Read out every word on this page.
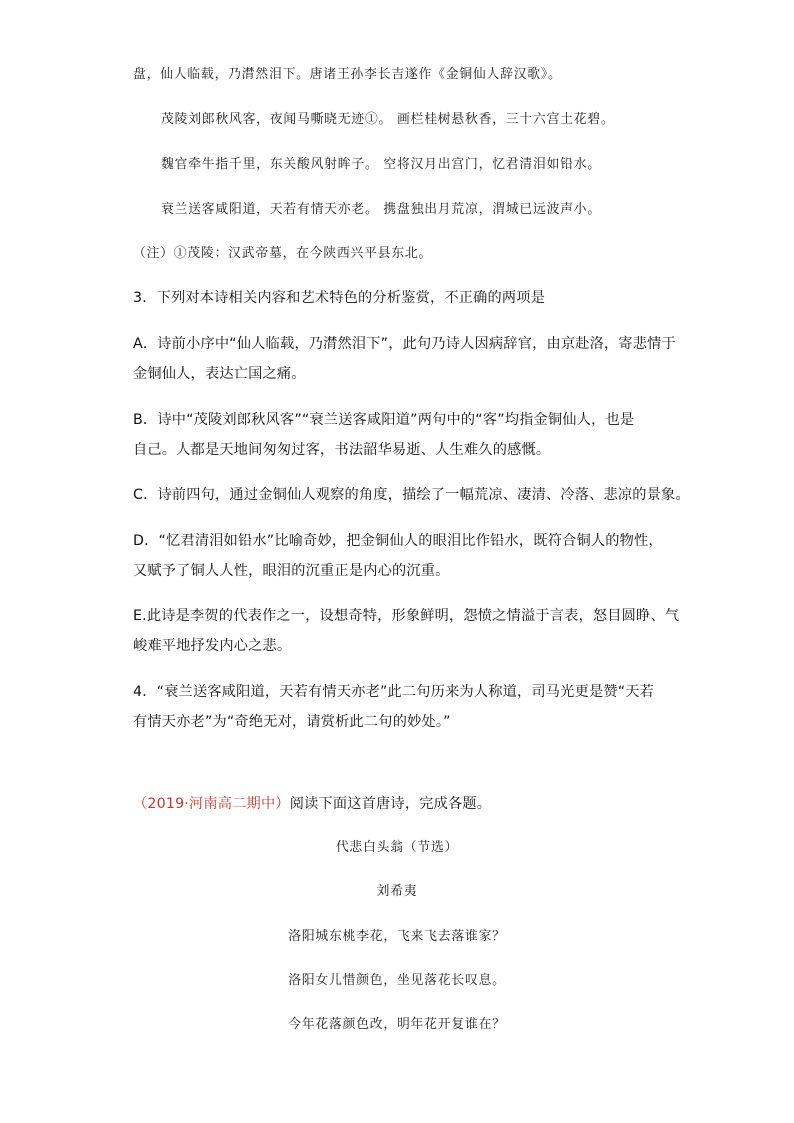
盘，仙人临载，乃潸然泪下。唐诸王孙李长吉遂作《金铜仙人辞汉歌》。
茂陵刘郎秋风客，夜闻马嘶晓无迹①。 画栏桂树悬秋香，三十六宫土花碧。
魏官牵牛指千里，东关酸风射眸子。 空将汉月出宫门，忆君清泪如铅水。
衰兰送客咸阳道，天若有情天亦老。 携盘独出月荒凉，渭城已远波声小。
（注）①茂陵：汉武帝墓，在今陕西兴平县东北。
3．下列对本诗相关内容和艺术特色的分析鉴赏，不正确的两项是
A．诗前小序中“仙人临载，乃潸然泪下”，此句乃诗人因病辞官，由京赴洛，寄悲情于
金铜仙人，表达亡国之痛。
B．诗中“茂陵刘郎秋风客”“衰兰送客咸阳道”两句中的“客”均指金铜仙人，也是
自己。人都是天地间匆匆过客，书法韶华易逝、人生难久的感慨。
C．诗前四句，通过金铜仙人观察的角度，描绘了一幅荒凉、凄清、冷落、悲凉的景象。
D．“忆君清泪如铅水”比喻奇妙，把金铜仙人的眼泪比作铅水，既符合铜人的物性，
又赋予了铜人人性，眼泪的沉重正是内心的沉重。
E.此诗是李贺的代表作之一，设想奇特，形象鲜明，怨愤之情溢于言表，怒目圆睁、气
峻难平地抒发内心之悲。
4．“衰兰送客咸阳道，天若有情天亦老”此二句历来为人称道，司马光更是赞“天若
有情天亦老”为“奇绝无对，请赏析此二句的妙处。”
（2019·河南高二期中）阅读下面这首唐诗，完成各题。
代悲白头翁（节选）
刘希夷
洛阳城东桃李花，飞来飞去落谁家？
洛阳女儿惜颜色，坐见落花长叹息。
今年花落颜色改，明年花开复谁在？
